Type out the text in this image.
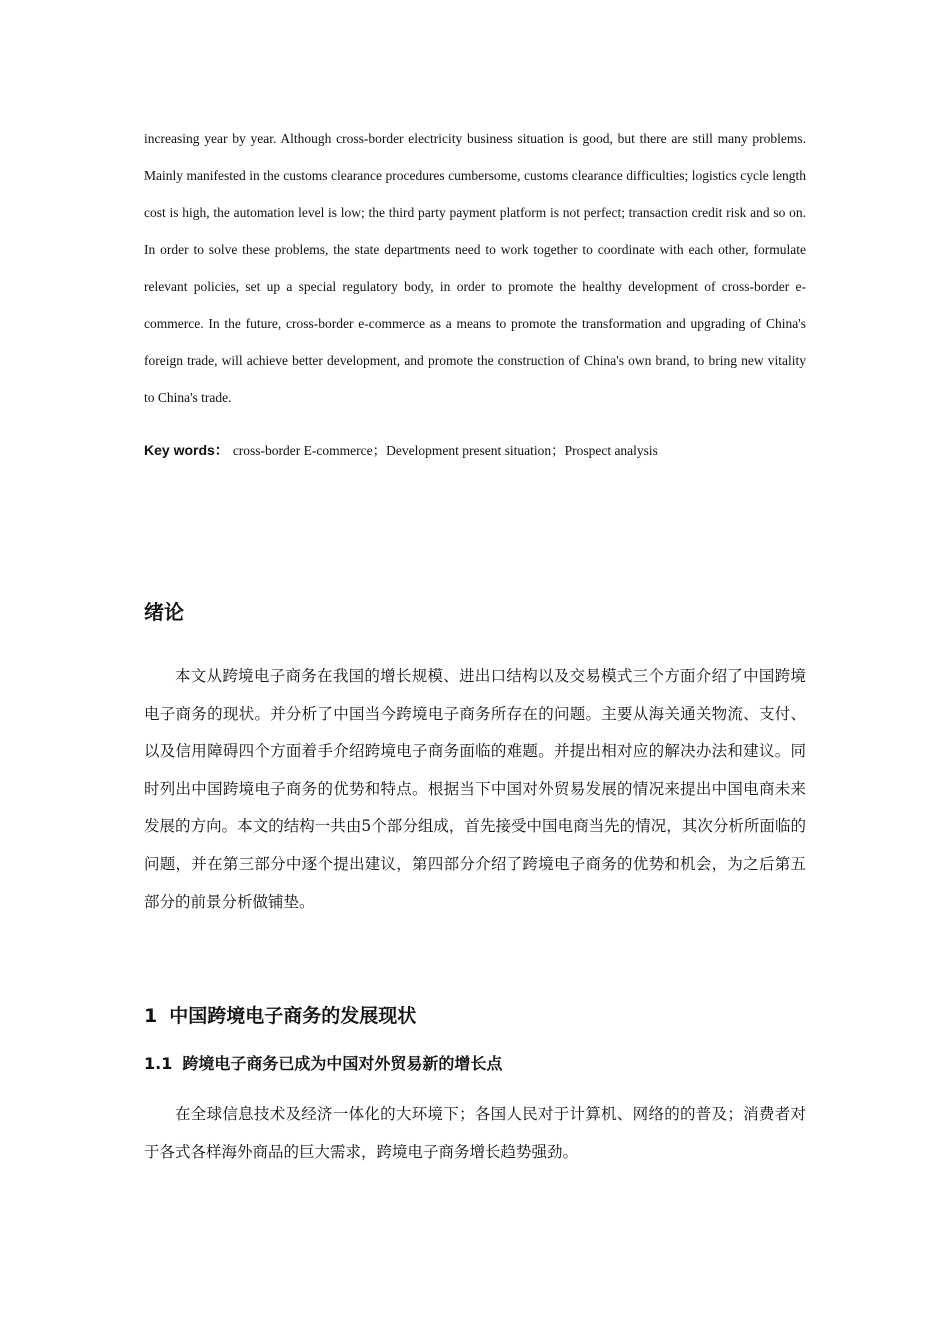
increasing year by year. Although cross-border electricity business situation is good, but there are still many problems. Mainly manifested in the customs clearance procedures cumbersome, customs clearance difficulties; logistics cycle length cost is high, the automation level is low; the third party payment platform is not perfect; transaction credit risk and so on. In order to solve these problems, the state departments need to work together to coordinate with each other, formulate relevant policies, set up a special regulatory body, in order to promote the healthy development of cross-border e-commerce. In the future, cross-border e-commerce as a means to promote the transformation and upgrading of China's foreign trade, will achieve better development, and promote the construction of China's own brand, to bring new vitality to China's trade.

Key words： cross-border E-commerce；Development present situation；Prospect analysis

绪论

本文从跨境电子商务在我国的增长规模、进出口结构以及交易模式三个方面介绍了中国跨境电子商务的现状。并分析了中国当今跨境电子商务所存在的问题。主要从海关通关物流、支付、以及信用障碍四个方面着手介绍跨境电子商务面临的难题。并提出相对应的解决办法和建议。同时列出中国跨境电子商务的优势和特点。根据当下中国对外贸易发展的情况来提出中国电商未来发展的方向。本文的结构一共由5个部分组成，首先接受中国电商当先的情况，其次分析所面临的问题，并在第三部分中逐个提出建议，第四部分介绍了跨境电子商务的优势和机会，为之后第五部分的前景分析做铺垫。

1 中国跨境电子商务的发展现状
1.1 跨境电子商务已成为中国对外贸易新的增长点

在全球信息技术及经济一体化的大环境下；各国人民对于计算机、网络的的普及；消费者对于各式各样海外商品的巨大需求，跨境电子商务增长趋势强劲。
